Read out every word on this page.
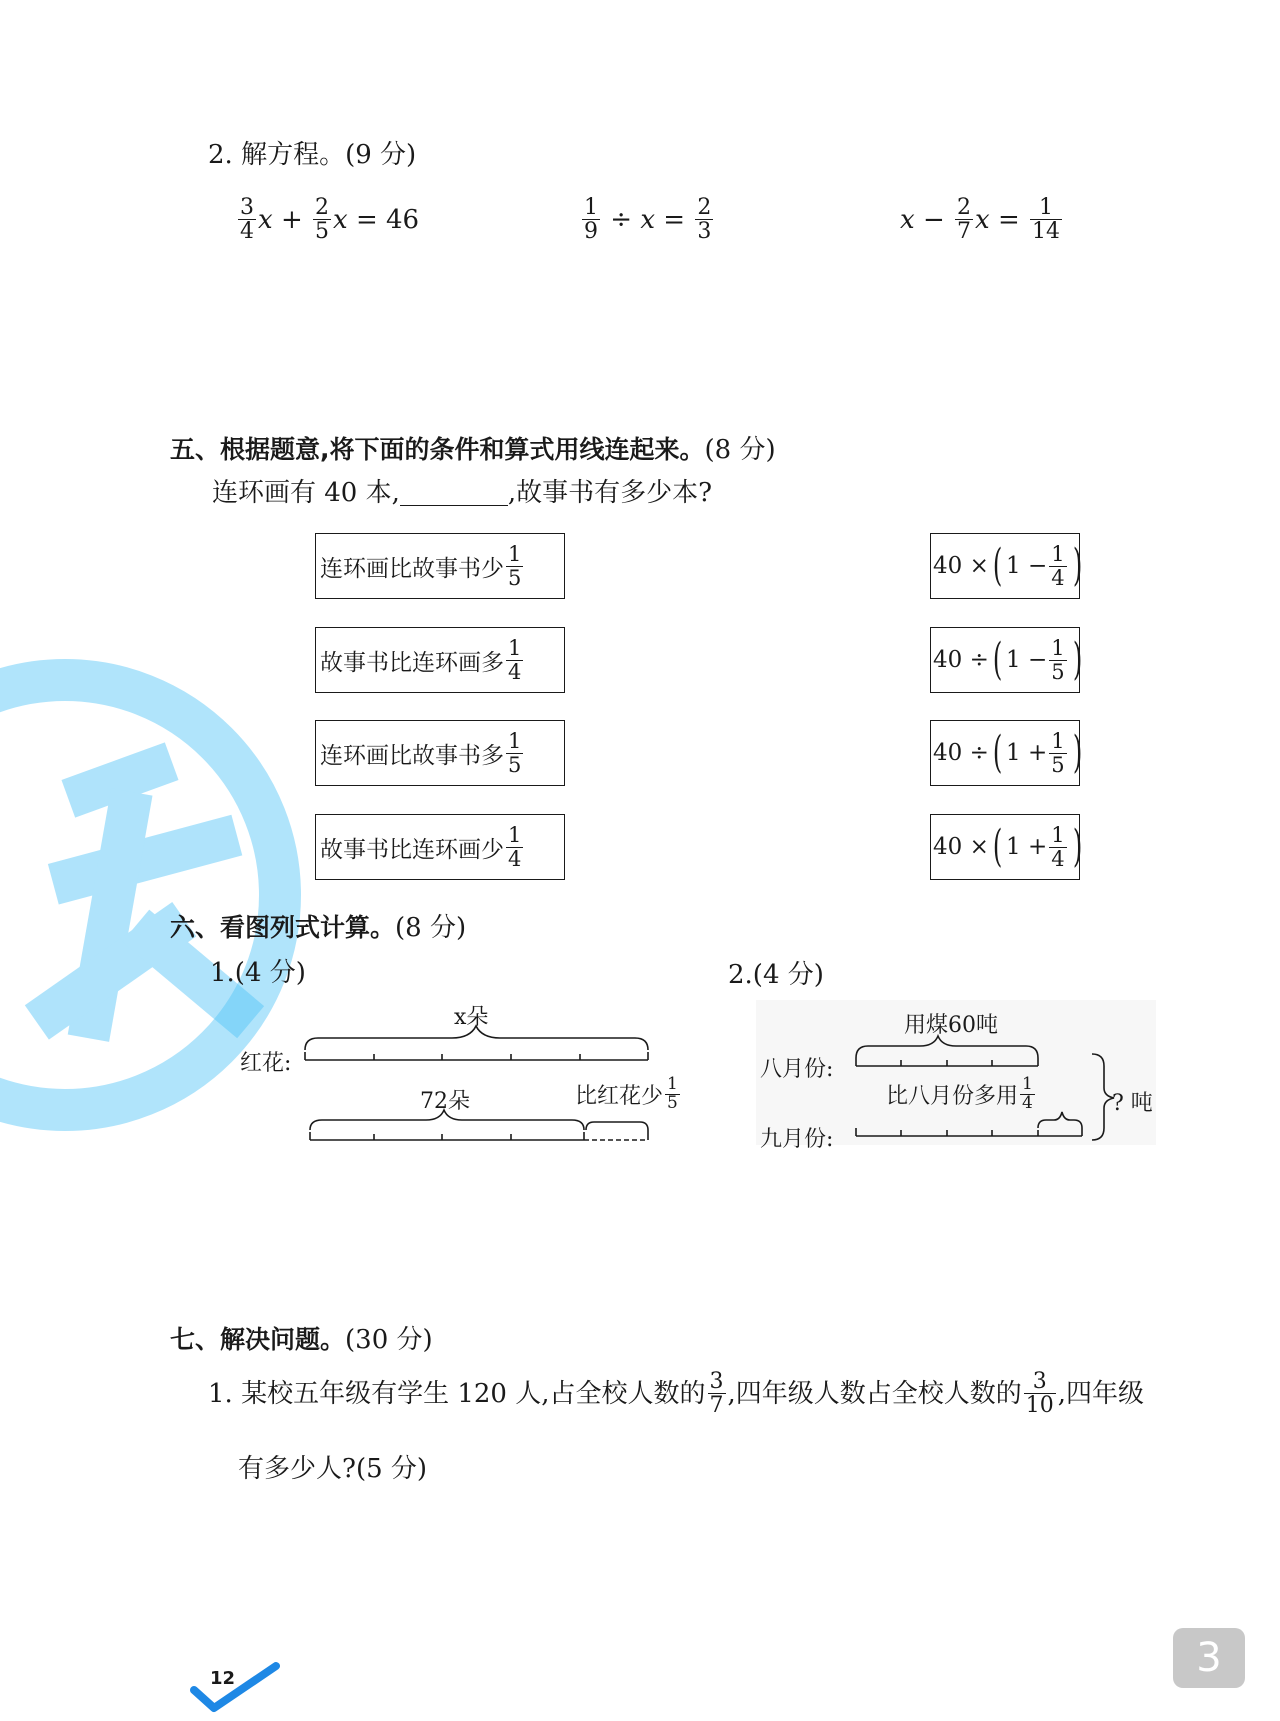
2. 解方程。(9 分)
$\frac{3}{4}$ x
+
$\frac{2}{5}$ x
= 46	$\frac{1}{9}$
÷
x
=
$\frac{2}{3}$	x
−
$\frac{2}{7}$ x
=
$\frac{1}{14}$
五、根据题意,将下面的条件和算式用线连起来。(8 分)
连环画有 40 本,	,故事书有多少本?
连环画比故事书少 $\frac{1}{5}$
故事书比连环画多 $\frac{1}{4}$
连环画比故事书多 $\frac{1}{5}$
故事书比连环画少 $\frac{1}{4}$
40 × ( $1 - \frac{1}{4}$ )
40 ÷ ( $1 - \frac{1}{5}$ )
40 ÷ ( $1 + \frac{1}{5}$ )
40 × ( $1 + \frac{1}{4}$ )
六、看图列式计算。(8 分)
1.(4 分)	2.(4 分)
x朵
红花:
72朵	比红花少 $\frac{1}{5}$
用煤60吨
八月份:
比八月份多用 $\frac{1}{4}$	? 吨
九月份:
七、解决问题。(30 分)
1. 某校五年级有学生 120 人,占全校人数的 $\frac{3}{7}$ ,四年级人数占全校人数的 $\frac{3}{10}$ ,四年级
有多少人?(5 分)
12	3
